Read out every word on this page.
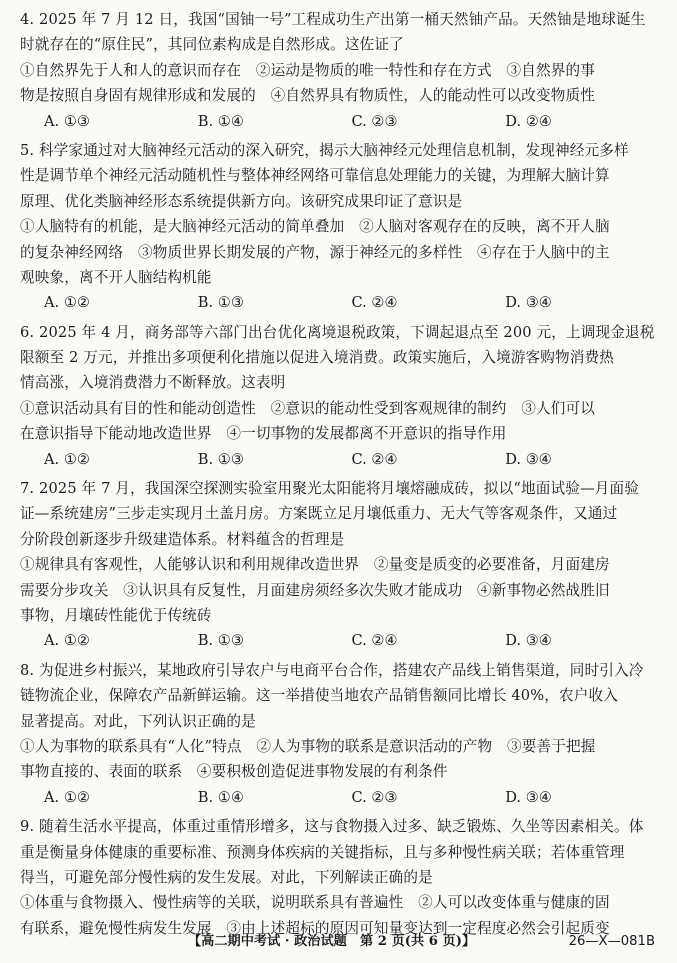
4. 2025 年 7 月 12 日，我国“国铀一号”工程成功生产出第一桶天然铀产品。天然铀是地球诞生
时就存在的“原住民”，其同位素构成是自然形成。这佐证了
①自然界先于人和人的意识而存在　②运动是物质的唯一特性和存在方式　③自然界的事
物是按照自身固有规律形成和发展的　④自然界具有物质性，人的能动性可以改变物质性
A. ①③	B. ①④	C. ②③	D. ②④
5. 科学家通过对大脑神经元活动的深入研究，揭示大脑神经元处理信息机制，发现神经元多样
性是调节单个神经元活动随机性与整体神经网络可靠信息处理能力的关键，为理解大脑计算
原理、优化类脑神经形态系统提供新方向。该研究成果印证了意识是
①人脑特有的机能，是大脑神经元活动的简单叠加　②人脑对客观存在的反映，离不开人脑
的复杂神经网络　③物质世界长期发展的产物，源于神经元的多样性　④存在于人脑中的主
观映象，离不开人脑结构机能
A. ①②	B. ①③	C. ②④	D. ③④
6. 2025 年 4 月，商务部等六部门出台优化离境退税政策，下调起退点至 200 元，上调现金退税
限额至 2 万元，并推出多项便利化措施以促进入境消费。政策实施后，入境游客购物消费热
情高涨，入境消费潜力不断释放。这表明
①意识活动具有目的性和能动创造性　②意识的能动性受到客观规律的制约　③人们可以
在意识指导下能动地改造世界　④一切事物的发展都离不开意识的指导作用
A. ①②	B. ①③	C. ②④	D. ③④
7. 2025 年 7 月，我国深空探测实验室用聚光太阳能将月壤熔融成砖，拟以“地面试验—月面验
证—系统建房”三步走实现月土盖月房。方案既立足月壤低重力、无大气等客观条件，又通过
分阶段创新逐步升级建造体系。材料蕴含的哲理是
①规律具有客观性，人能够认识和利用规律改造世界　②量变是质变的必要准备，月面建房
需要分步攻关　③认识具有反复性，月面建房须经多次失败才能成功　④新事物必然战胜旧
事物，月壤砖性能优于传统砖
A. ①②	B. ①③	C. ②④	D. ③④
8. 为促进乡村振兴，某地政府引导农户与电商平台合作，搭建农产品线上销售渠道，同时引入冷
链物流企业，保障农产品新鲜运输。这一举措使当地农产品销售额同比增长 40%，农户收入
显著提高。对此，下列认识正确的是
①人为事物的联系具有“人化”特点　②人为事物的联系是意识活动的产物　③要善于把握
事物直接的、表面的联系　④要积极创造促进事物发展的有利条件
A. ①②	B. ①④	C. ②③	D. ③④
9. 随着生活水平提高，体重过重情形增多，这与食物摄入过多、缺乏锻炼、久坐等因素相关。体
重是衡量身体健康的重要标准、预测身体疾病的关键指标，且与多种慢性病关联；若体重管理
得当，可避免部分慢性病的发生发展。对此，下列解读正确的是
①体重与食物摄入、慢性病等的关联，说明联系具有普遍性　②人可以改变体重与健康的固
有联系，避免慢性病发生发展　③由上述超标的原因可知量变达到一定程度必然会引起质变
【高二期中考试 · 政治试题　第 2 页(共 6 页)】	26—X—081B
